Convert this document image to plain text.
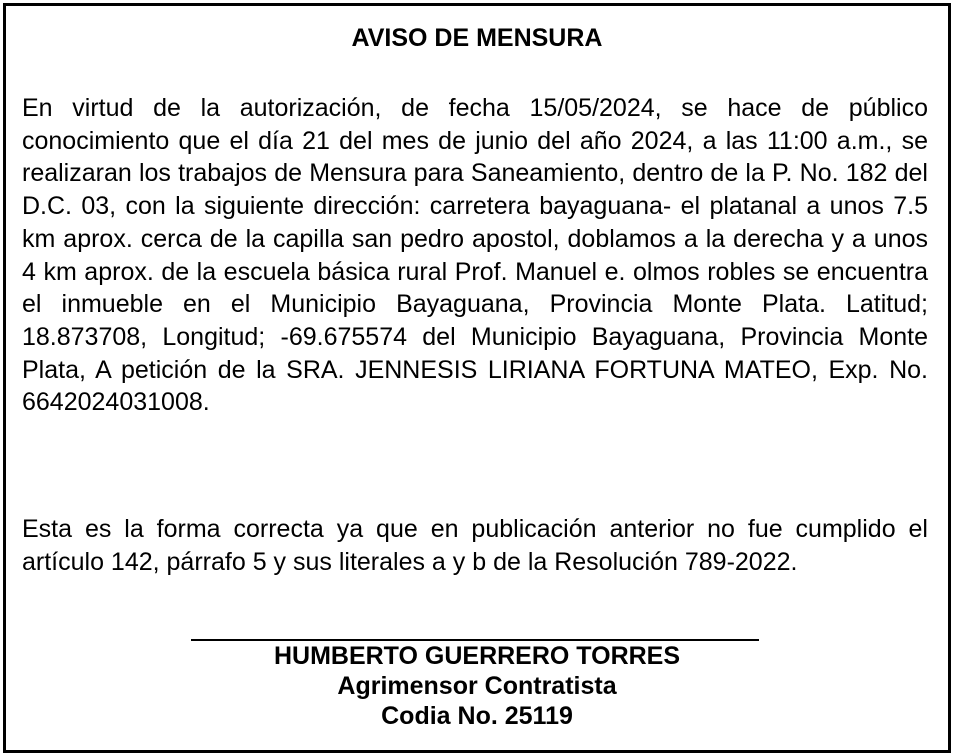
AVISO DE MENSURA

En virtud de la autorización, de fecha 15/05/2024, se hace de público conocimiento que el día 21 del mes de junio del año 2024, a las 11:00 a.m., se realizaran los trabajos de Mensura para Saneamiento, dentro de la P. No. 182 del D.C. 03, con la siguiente dirección: carretera bayaguana- el platanal a unos 7.5 km aprox. cerca de la capilla san pedro apostol, doblamos a la derecha y a unos 4 km aprox. de la escuela básica rural Prof. Manuel e. olmos robles se encuentra el inmueble en el Municipio Bayaguana, Provincia Monte Plata. Latitud; 18.873708, Longitud; -69.675574 del Municipio Bayaguana, Provincia Monte Plata, A petición de la SRA. JENNESIS LIRIANA FORTUNA MATEO, Exp. No. 6642024031008.

Esta es la forma correcta ya que en publicación anterior no fue cumplido el artículo 142, párrafo 5 y sus literales a y b de la Resolución 789-2022.

HUMBERTO GUERRERO TORRES

Agrimensor Contratista

Codia No. 25119
